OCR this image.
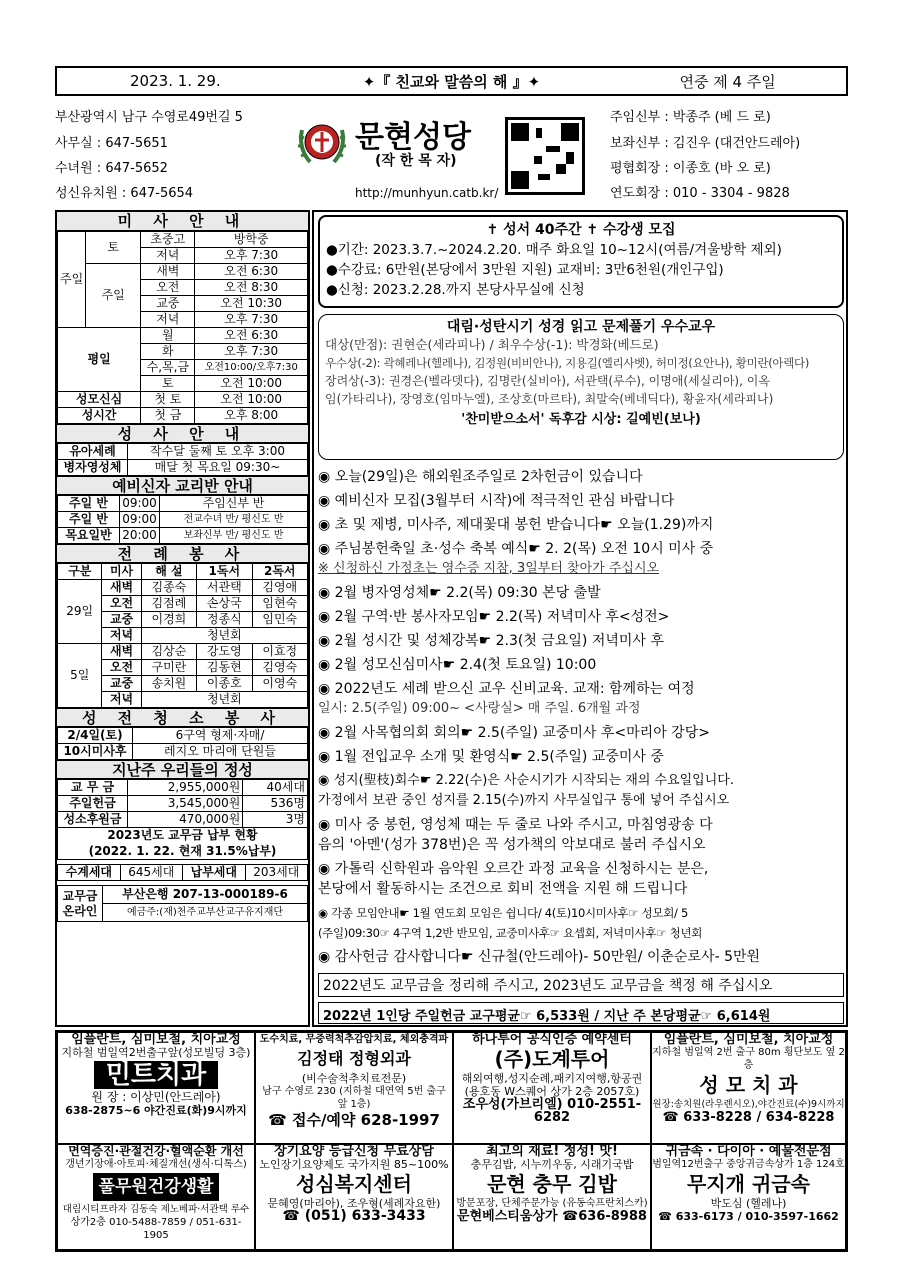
2023. 1. 29.	✦『 친교와 말씀의 해 』✦	연중 제 4 주일
부산광역시 남구 수영로49번길 5
사무실 : 647-5651
수녀원 : 647-5652
성신유치원 : 647-5654
문현성당
(작 한 목 자)
http://munhyun.catb.kr/
주임신부 : 박종주 (베 드 로)
보좌신부 : 김진우 (대건안드레아)
평협회장 : 이종호 (바 오 로)
연도회장 : 010 - 3304 - 9828
미 사 안 내
주일	토	초중고	방학중
		저녁	오후 7:30
	주일	새벽	오전 6:30
		오전	오전 8:30
		교중	오전 10:30
		저녁	오후 7:30
평일		월	오전 6:30
		화	오후 7:30
		수,목,금	오전10:00/오후7:30
		토	오전 10:00
성모신심		첫 토	오전 10:00
성시간		첫 금	오후 8:00
성 사 안 내
유아세례	작수달 둘째 토 오후 3:00
병자영성체	매달 첫 목요일 09:30~
예비신자 교리반 안내
주일 반	09:00	주임신부 반
주일 반	09:00	전교수녀 반/ 평신도 반
목요일반	20:00	보좌신부 반/ 평신도 반
전 례 봉 사
구분	미사	해 설	1독서	2독서
29일	새벽	김종숙	서관택	김영애
	오전	김점례	손상국	임현숙
	교중	이경희	정종식	임민숙
	저녁	청년회		
5일	새벽	김상순	강도영	이효정
	오전	구미란	김동현	김영숙
	교중	송치원	이종호	이영숙
	저녁	청년회		
성 전 청 소 봉 사
2/4일(토)	6구역 형제·자매/
10시미사후	레지오 마리애 단원들
지난주 우리들의 정성
교 무 금	2,955,000원	40세대
주일헌금	3,545,000원	536명
성소후원금	470,000원	3명
2023년도 교무금 납부 현황		
(2022. 1. 22. 현재 31.5%납부)		
수계세대	645세대	납부세대	203세대
교무금 온라인	부산은행 207-13-000189-6
예금주:(재)천주교부산교구유지재단
✝ 성서 40주간 ✝ 수강생 모집
●기간: 2023.3.7.~2024.2.20. 매주 화요일 10~12시(여름/겨울방학 제외)
●수강료: 6만원(본당에서 3만원 지원) 교재비: 3만6천원(개인구입)
●신청: 2023.2.28.까지 본당사무실에 신청
대림·성탄시기 성경 읽고 문제풀기 우수교우
대상(만점): 권현순(세라피나) / 최우수상(-1): 박경화(베드로)
우수상(-2): 곽혜레나(헬레나), 김정원(비비안나), 지용길(엘리사벳), 허미정(요안나), 황미란(아렉다)
장려상(-3): 권경은(벨라뎃다), 김명란(실비아), 서관택(루수), 이명애(세실리아), 이옥
임(가타리나), 장영호(임마누엘), 조상호(마르타), 최말숙(베네딕다), 황윤자(세라피나)
'찬미받으소서' 독후감 시상: 길예빈(보나)
◉ 오늘(29일)은 해외원조주일로 2차헌금이 있습니다
◉ 예비신자 모집(3월부터 시작)에 적극적인 관심 바랍니다
◉ 초 및 제병, 미사주, 제대꽃대 봉헌 받습니다☛ 오늘(1.29)까지
◉ 주님봉헌축일 초·성수 축복 예식☛ 2. 2(목) 오전 10시 미사 중
※ 신청하신 가정초는 영수증 지참, 3일부터 찾아가 주십시오
◉ 2월 병자영성체☛ 2.2(목) 09:30 본당 출발
◉ 2월 구역·반 봉사자모임☛ 2.2(목) 저녁미사 후<성전>
◉ 2월 성시간 및 성체강복☛ 2.3(첫 금요일) 저녁미사 후
◉ 2월 성모신심미사☛ 2.4(첫 토요일) 10:00
◉ 2022년도 세례 받으신 교우 신비교육. 교재: 함께하는 여정
일시: 2.5(주일) 09:00~ <사랑실> 매 주일. 6개월 과정
◉ 2월 사목협의회 회의☛ 2.5(주일) 교중미사 후<마리아 강당>
◉ 1월 전입교우 소개 및 환영식☛ 2.5(주일) 교중미사 중
◉ 성지(聖枝)회수☛ 2.22(수)은 사순시기가 시작되는 재의 수요일입니다.
가정에서 보관 중인 성지를 2.15(수)까지 사무실입구 통에 넣어 주십시오
◉ 미사 중 봉헌, 영성체 때는 두 줄로 나와 주시고, 마침영광송 다
음의 '아멘'(성가 378번)은 꼭 성가책의 악보대로 불러 주십시오
◉ 가톨릭 신학원과 음악원 오르간 과정 교육을 신청하시는 분은,
본당에서 활동하시는 조건으로 회비 전액을 지원 해 드립니다
◉ 각종 모임안내☛ 1월 연도회 모임은 쉽니다/ 4(토)10시미사후☞ 성모회/ 5
(주일)09:30☞ 4구역 1,2반 반모임, 교중미사후☞ 요셉회, 저녁미사후☞ 청년회
◉ 감사헌금 감사합니다☛ 신규철(안드레아)- 50만원/ 이춘순로사- 5만원
2022년도 교무금을 정리해 주시고, 2023년도 교무금을 책정 해 주십시오
2022년 1인당 주일헌금 교구평균☞ 6,533원 / 지난 주 본당평균☞ 6,614원
임플란트, 심미보철, 치아교정
지하철 범일역2번출구앞(성모빌딩 3층)
민트치과
원 장 : 이상민(안드레아)
638-2875~6 야간진료(화)9시까지
도수치료, 무중력척추감압치료, 체외충격파
김정태 정형외과
(비수술척추치료전문)
남구 수영로 230 (지하철 대연역 5번 출구 앞 1층)
☎ 접수/예약 628-1997
하나투어 공식인증 예약센터
(주)도계투어
해외여행,성지순례,패키지여행,항공권
(용호동 W스퀘어 상가 2층 2057호)
조우성(가브리엘) 010-2551-6282
임플란트, 심미보철, 치아교정
지하철 범일역 2번 출구 80m 횡단보도 옆 2층
성 모 치 과
원장:송치원(라우렌시오),야간진료(수)9시까지
☎ 633-8228 / 634-8228
면역증진·관절건강·혈액순환 개선
갱년기장애·아토피·체질개선(생식·디톡스)
풀무원건강생활
대림시티프라자 김동숙 제노베파·서관택 루수
상가2층 010-5488-7859 / 051-631-1905
장기요양 등급신청 무료상담
노인장기요양제도 국가지원 85~100%
성심복지센터
문혜영(마리아), 조우형(세례자요한)
☎ (051) 633-3433
최고의 재료! 정성! 맛!
충무김밥, 시누끼우동, 시래기국밥
문현 충무 김밥
방문포장, 단체주문가능 (유동숙프란치스카)
문현베스티움상가 ☎636-8988
귀금속 · 다이아 · 예물전문점
범일역12번출구 중앙귀금속상가 1층 124호
무지개 귀금속
박도심 (헬레나)
☎ 633-6173 / 010-3597-1662
